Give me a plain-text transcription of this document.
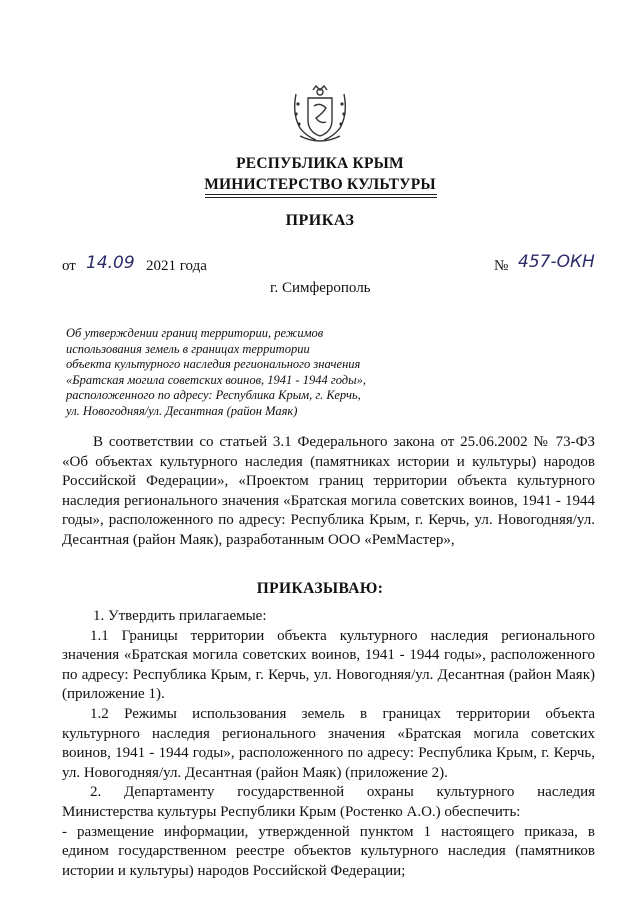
РЕСПУБЛИКА КРЫМ
МИНИСТЕРСТВО КУЛЬТУРЫ
ПРИКАЗ
от 14.09 2021 года	№ 457-ОКН
г. Симферополь
Об утверждении границ территории, режимов
использования земель в границах территории
объекта культурного наследия регионального значения
«Братская могила советских воинов, 1941 - 1944 годы»,
расположенного по адресу: Республика Крым, г. Керчь,
ул. Новогодняя/ул. Десантная (район Маяк)

В соответствии со статьей 3.1 Федерального закона от 25.06.2002 № 73-ФЗ «Об объектах культурного наследия (памятниках истории и культуры) народов Российской Федерации», «Проектом границ территории объекта культурного наследия регионального значения «Братская могила советских воинов, 1941 - 1944 годы», расположенного по адресу: Республика Крым, г. Керчь, ул. Новогодняя/ул. Десантная (район Маяк), разработанным ООО «РемМастер»,

ПРИКАЗЫВАЮ:

1. Утвердить прилагаемые:

1.1 Границы территории объекта культурного наследия регионального значения «Братская могила советских воинов, 1941 - 1944 годы», расположенного по адресу: Республика Крым, г. Керчь, ул. Новогодняя/ул. Десантная (район Маяк) (приложение 1).

1.2 Режимы использования земель в границах территории объекта культурного наследия регионального значения «Братская могила советских воинов, 1941 - 1944 годы», расположенного по адресу: Республика Крым, г. Керчь, ул. Новогодняя/ул. Десантная (район Маяк) (приложение 2).

2. Департаменту государственной охраны культурного наследия Министерства культуры Республики Крым (Ростенко А.О.) обеспечить:

- размещение информации, утвержденной пунктом 1 настоящего приказа, в едином государственном реестре объектов культурного наследия (памятников истории и культуры) народов Российской Федерации;
